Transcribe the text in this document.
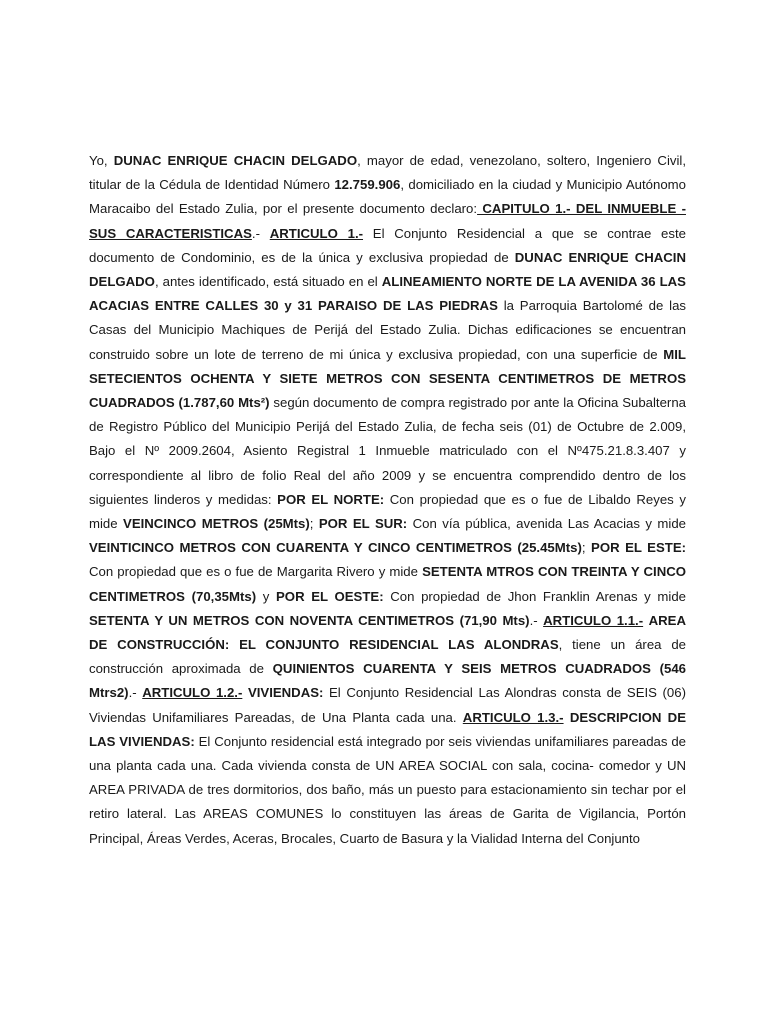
Yo, DUNAC ENRIQUE CHACIN DELGADO, mayor de edad, venezolano, soltero, Ingeniero Civil, titular de la Cédula de Identidad Número 12.759.906, domiciliado en la ciudad y Municipio Autónomo Maracaibo del Estado Zulia, por el presente documento declaro: CAPITULO 1.- DEL INMUEBLE - SUS CARACTERISTICAS.- ARTICULO 1.- El Conjunto Residencial a que se contrae este documento de Condominio, es de la única y exclusiva propiedad de DUNAC ENRIQUE CHACIN DELGADO, antes identificado, está situado en el ALINEAMIENTO NORTE DE LA AVENIDA 36 LAS ACACIAS ENTRE CALLES 30 y 31 PARAISO DE LAS PIEDRAS la Parroquia Bartolomé de las Casas del Municipio Machiques de Perijá del Estado Zulia. Dichas edificaciones se encuentran construido sobre un lote de terreno de mi única y exclusiva propiedad, con una superficie de MIL SETECIENTOS OCHENTA Y SIETE METROS CON SESENTA CENTIMETROS DE METROS CUADRADOS (1.787,60 Mts²) según documento de compra registrado por ante la Oficina Subalterna de Registro Público del Municipio Perijá del Estado Zulia, de fecha seis (01) de Octubre de 2.009, Bajo el Nº 2009.2604, Asiento Registral 1 Inmueble matriculado con el Nº475.21.8.3.407 y correspondiente al libro de folio Real del año 2009 y se encuentra comprendido dentro de los siguientes linderos y medidas: POR EL NORTE: Con propiedad que es o fue de Libaldo Reyes y mide VEINCINCO METROS (25Mts); POR EL SUR: Con vía pública, avenida Las Acacias y mide VEINTICINCO METROS CON CUARENTA Y CINCO CENTIMETROS (25.45Mts); POR EL ESTE: Con propiedad que es o fue de Margarita Rivero y mide SETENTA MTROS CON TREINTA Y CINCO CENTIMETROS (70,35Mts) y POR EL OESTE: Con propiedad de Jhon Franklin Arenas y mide SETENTA Y UN METROS CON NOVENTA CENTIMETROS (71,90 Mts).- ARTICULO 1.1.- AREA DE CONSTRUCCIÓN: EL CONJUNTO RESIDENCIAL LAS ALONDRAS, tiene un área de construcción aproximada de QUINIENTOS CUARENTA Y SEIS METROS CUADRADOS (546 Mtrs2).- ARTICULO 1.2.- VIVIENDAS: El Conjunto Residencial Las Alondras consta de SEIS (06) Viviendas Unifamiliares Pareadas, de Una Planta cada una. ARTICULO 1.3.- DESCRIPCION DE LAS VIVIENDAS: El Conjunto residencial está integrado por seis viviendas unifamiliares pareadas de una planta cada una. Cada vivienda consta de UN AREA SOCIAL con sala, cocina- comedor y UN AREA PRIVADA de tres dormitorios, dos baño, más un puesto para estacionamiento sin techar por el retiro lateral. Las AREAS COMUNES lo constituyen las áreas de Garita de Vigilancia, Portón Principal, Áreas Verdes, Aceras, Brocales, Cuarto de Basura y la Vialidad Interna del Conjunto
